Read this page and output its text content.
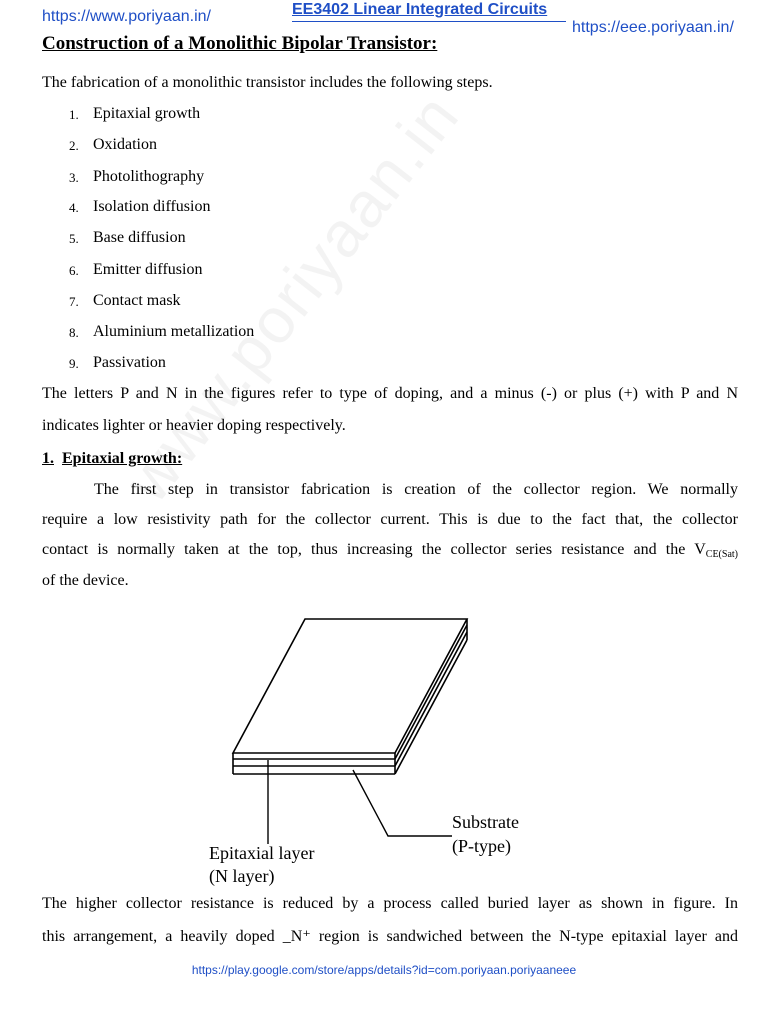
https://www.poriyaan.in/	EE3402 Linear Integrated Circuits
https://eee.poriyaan.in/
Construction of a Monolithic Bipolar Transistor:
The fabrication of a monolithic transistor includes the following steps.
1. Epitaxial growth
2. Oxidation
3. Photolithography
4. Isolation diffusion
5. Base diffusion
6. Emitter diffusion
7. Contact mask
8. Aluminium metallization
9. Passivation
The letters P and N in the figures refer to type of doping, and a minus (-) or plus (+) with P and N
indicates lighter or heavier doping respectively.
1. Epitaxial growth:
The first step in transistor fabrication is creation of the collector region. We normally
require a low resistivity path for the collector current. This is due to the fact that, the collector
contact is normally taken at the top, thus increasing the collector series resistance and the $V_{CE(Sat)}$
of the device.
Substrate
(P-type)
Epitaxial layer
(N layer)
The higher collector resistance is reduced by a process called buried layer as shown in figure. In
this arrangement, a heavily doped _N⁺ region is sandwiched between the N-type epitaxial layer and
https://play.google.com/store/apps/details?id=com.poriyaan.poriyaaneee
